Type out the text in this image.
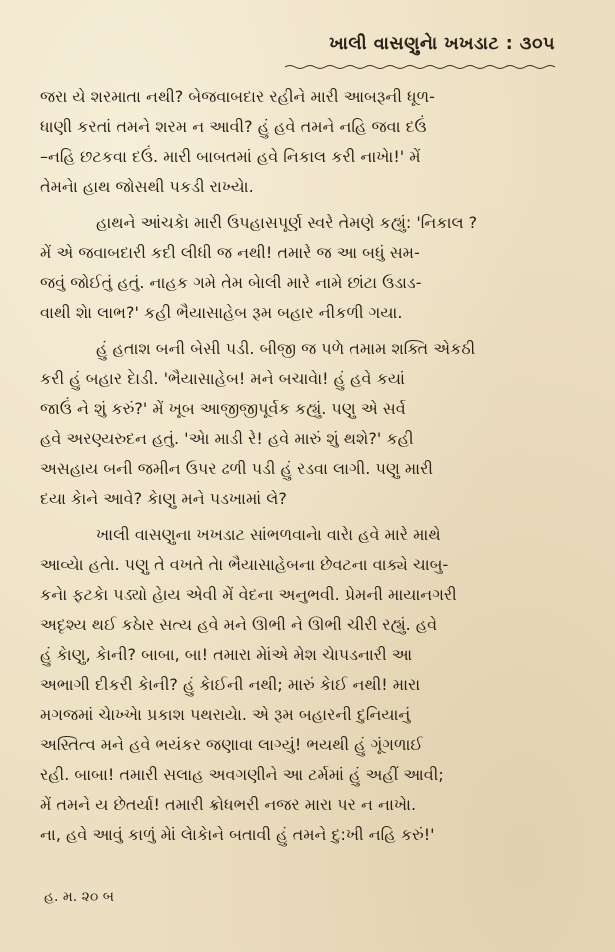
ખાલી વાસણુનેા ખખડાટ : ૩૦૫
જરા યે શરમાતા નથી? બેજવાબદાર રહીને મારી આબરૂની ધૂળ-
ધાણી કરતાં તમને શરમ ન આવી? હું હવે તમને નહિ જવા દઉં
–નહિ છટકવા દઉં. મારી બાબતમાં હવે નિકાલ કરી નાખેા!' મેં
તેમનેા હાથ જોસથી પકડી રાખ્યેા.
હાથને આંચકેા મારી ઉપહાસપૂર્ણ સ્વરે તેમણે કહ્યું: 'નિકાલ ?
મેં એ જવાબદારી કદી લીધી જ નથી! તમારે જ આ બધું સમ-
જવું જોઈતું હતું. નાહક ગમે તેમ બેાલી મારે નામે છાંટા ઉડાડ-
વાથી શેા લાભ?' કહી ભૈયાસાહેબ રૂમ બહાર નીકળી ગયા.
હું હતાશ બની બેસી પડી. બીજી જ પળે તમામ શક્તિ એકઠી
કરી હું બહાર દેાડી. 'ભૈયાસાહેબ! મને બચાવેા! હું હવે કયાં
જાઉં ને શું કરું?' મેં ખૂબ આજીજીપૂર્વક કહ્યું. પણુ એ સર્વ
હવે અરણ્યરુદન હતું. 'એા માડી રે! હવે મારું શું થશે?' કહી
અસહાય બની જમીન ઉપર ઢળી પડી હું રડવા લાગી. પણુ મારી
દયા કેાને આવે? કેાણુ મને પડખામાં લે?
ખાલી વાસણુના ખખડાટ સાંભળવાનેા વારેા હવે મારે માથે
આવ્યેા હતેા. પણુ તે વખતે તેા ભૈયાસાહેબના છેવટના વાક્યે ચાબુ-
કનેા ફટકેા પડ્યો હેાય એવી મેં વેદના અનુભવી. પ્રેમની માયાનગરી
અદૃશ્ય થઈ કઠેાર સત્ય હવે મને ઊભી ને ઊભી ચીરી રહ્યું. હવે
હું કેાણુ, કેાની? બાબા, બા! તમારા મેાંએ મેશ ચેાપડનારી આ
અભાગી દીકરી કેાની? હું કેાઈની નથી; મારું કેાઈ નથી! મારા
મગજમાં ચેાખ્ખેા પ્રકાશ પથરાયેા. એ રૂમ બહારની દુનિયાનું
અસ્તિત્વ મને હવે ભયંકર જણાવા લાગ્યું! ભયથી હું ગૂંગળાઈ
રહી. બાબા! તમારી સલાહ અવગણીને આ ટર્મમાં હું અહીં આવી;
મેં તમને ય છેતર્યા! તમારી ક્રોધભરી નજર મારા પર ન નાખેા.
ના, હવે આવું કાળું મેાં લેાકેાને બતાવી હું તમને દુ:ખી નહિ કરું!'
હ. મ. ૨૦ બ
